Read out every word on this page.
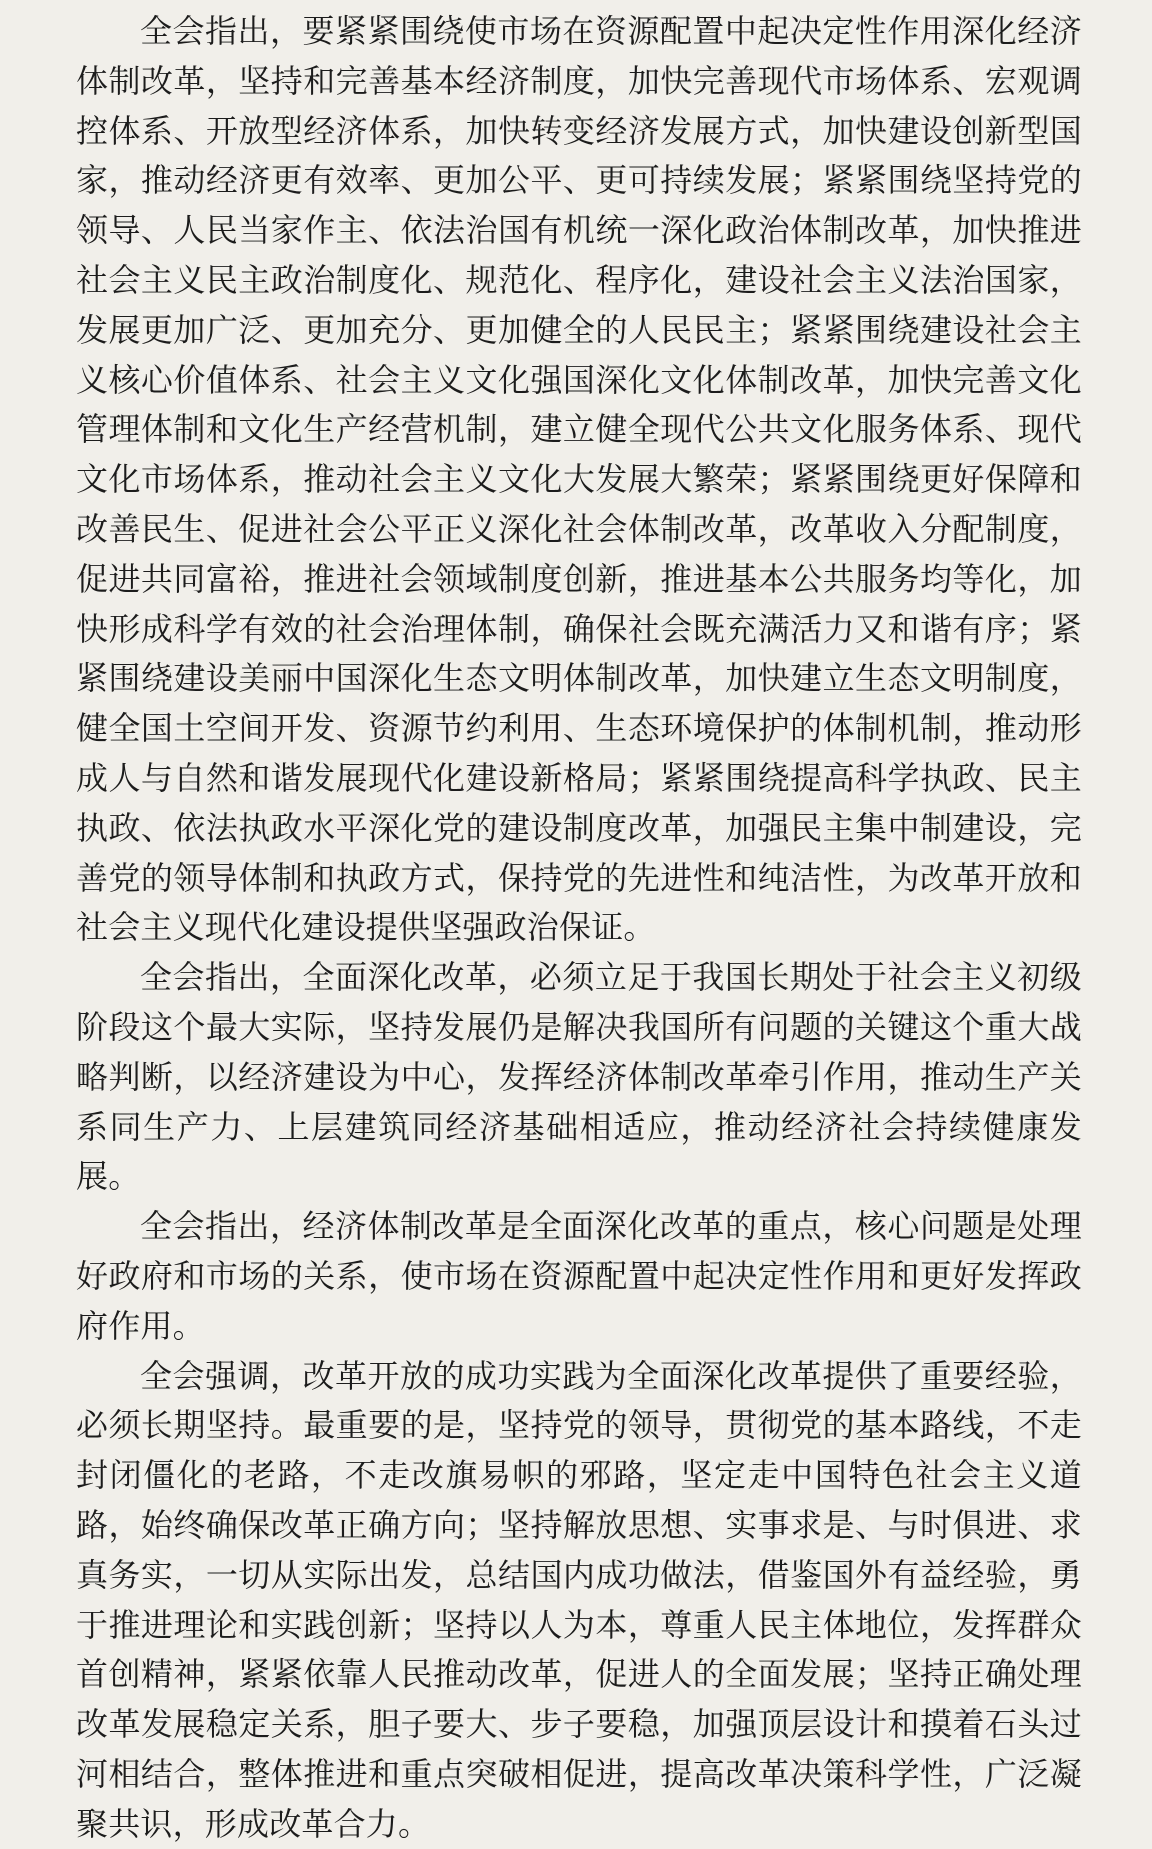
全会指出，要紧紧围绕使市场在资源配置中起决定性作用深化经济体制改革，坚持和完善基本经济制度，加快完善现代市场体系、宏观调控体系、开放型经济体系，加快转变经济发展方式，加快建设创新型国家，推动经济更有效率、更加公平、更可持续发展；紧紧围绕坚持党的领导、人民当家作主、依法治国有机统一深化政治体制改革，加快推进社会主义民主政治制度化、规范化、程序化，建设社会主义法治国家，发展更加广泛、更加充分、更加健全的人民民主；紧紧围绕建设社会主义核心价值体系、社会主义文化强国深化文化体制改革，加快完善文化管理体制和文化生产经营机制，建立健全现代公共文化服务体系、现代文化市场体系，推动社会主义文化大发展大繁荣；紧紧围绕更好保障和改善民生、促进社会公平正义深化社会体制改革，改革收入分配制度，促进共同富裕，推进社会领域制度创新，推进基本公共服务均等化，加快形成科学有效的社会治理体制，确保社会既充满活力又和谐有序；紧紧围绕建设美丽中国深化生态文明体制改革，加快建立生态文明制度，健全国土空间开发、资源节约利用、生态环境保护的体制机制，推动形成人与自然和谐发展现代化建设新格局；紧紧围绕提高科学执政、民主执政、依法执政水平深化党的建设制度改革，加强民主集中制建设，完善党的领导体制和执政方式，保持党的先进性和纯洁性，为改革开放和社会主义现代化建设提供坚强政治保证。

全会指出，全面深化改革，必须立足于我国长期处于社会主义初级阶段这个最大实际，坚持发展仍是解决我国所有问题的关键这个重大战略判断，以经济建设为中心，发挥经济体制改革牵引作用，推动生产关系同生产力、上层建筑同经济基础相适应，推动经济社会持续健康发展。

全会指出，经济体制改革是全面深化改革的重点，核心问题是处理好政府和市场的关系，使市场在资源配置中起决定性作用和更好发挥政府作用。

全会强调，改革开放的成功实践为全面深化改革提供了重要经验，必须长期坚持。最重要的是，坚持党的领导，贯彻党的基本路线，不走封闭僵化的老路，不走改旗易帜的邪路，坚定走中国特色社会主义道路，始终确保改革正确方向；坚持解放思想、实事求是、与时俱进、求真务实，一切从实际出发，总结国内成功做法，借鉴国外有益经验，勇于推进理论和实践创新；坚持以人为本，尊重人民主体地位，发挥群众首创精神，紧紧依靠人民推动改革，促进人的全面发展；坚持正确处理改革发展稳定关系，胆子要大、步子要稳，加强顶层设计和摸着石头过河相结合，整体推进和重点突破相促进，提高改革决策科学性，广泛凝聚共识，形成改革合力。
